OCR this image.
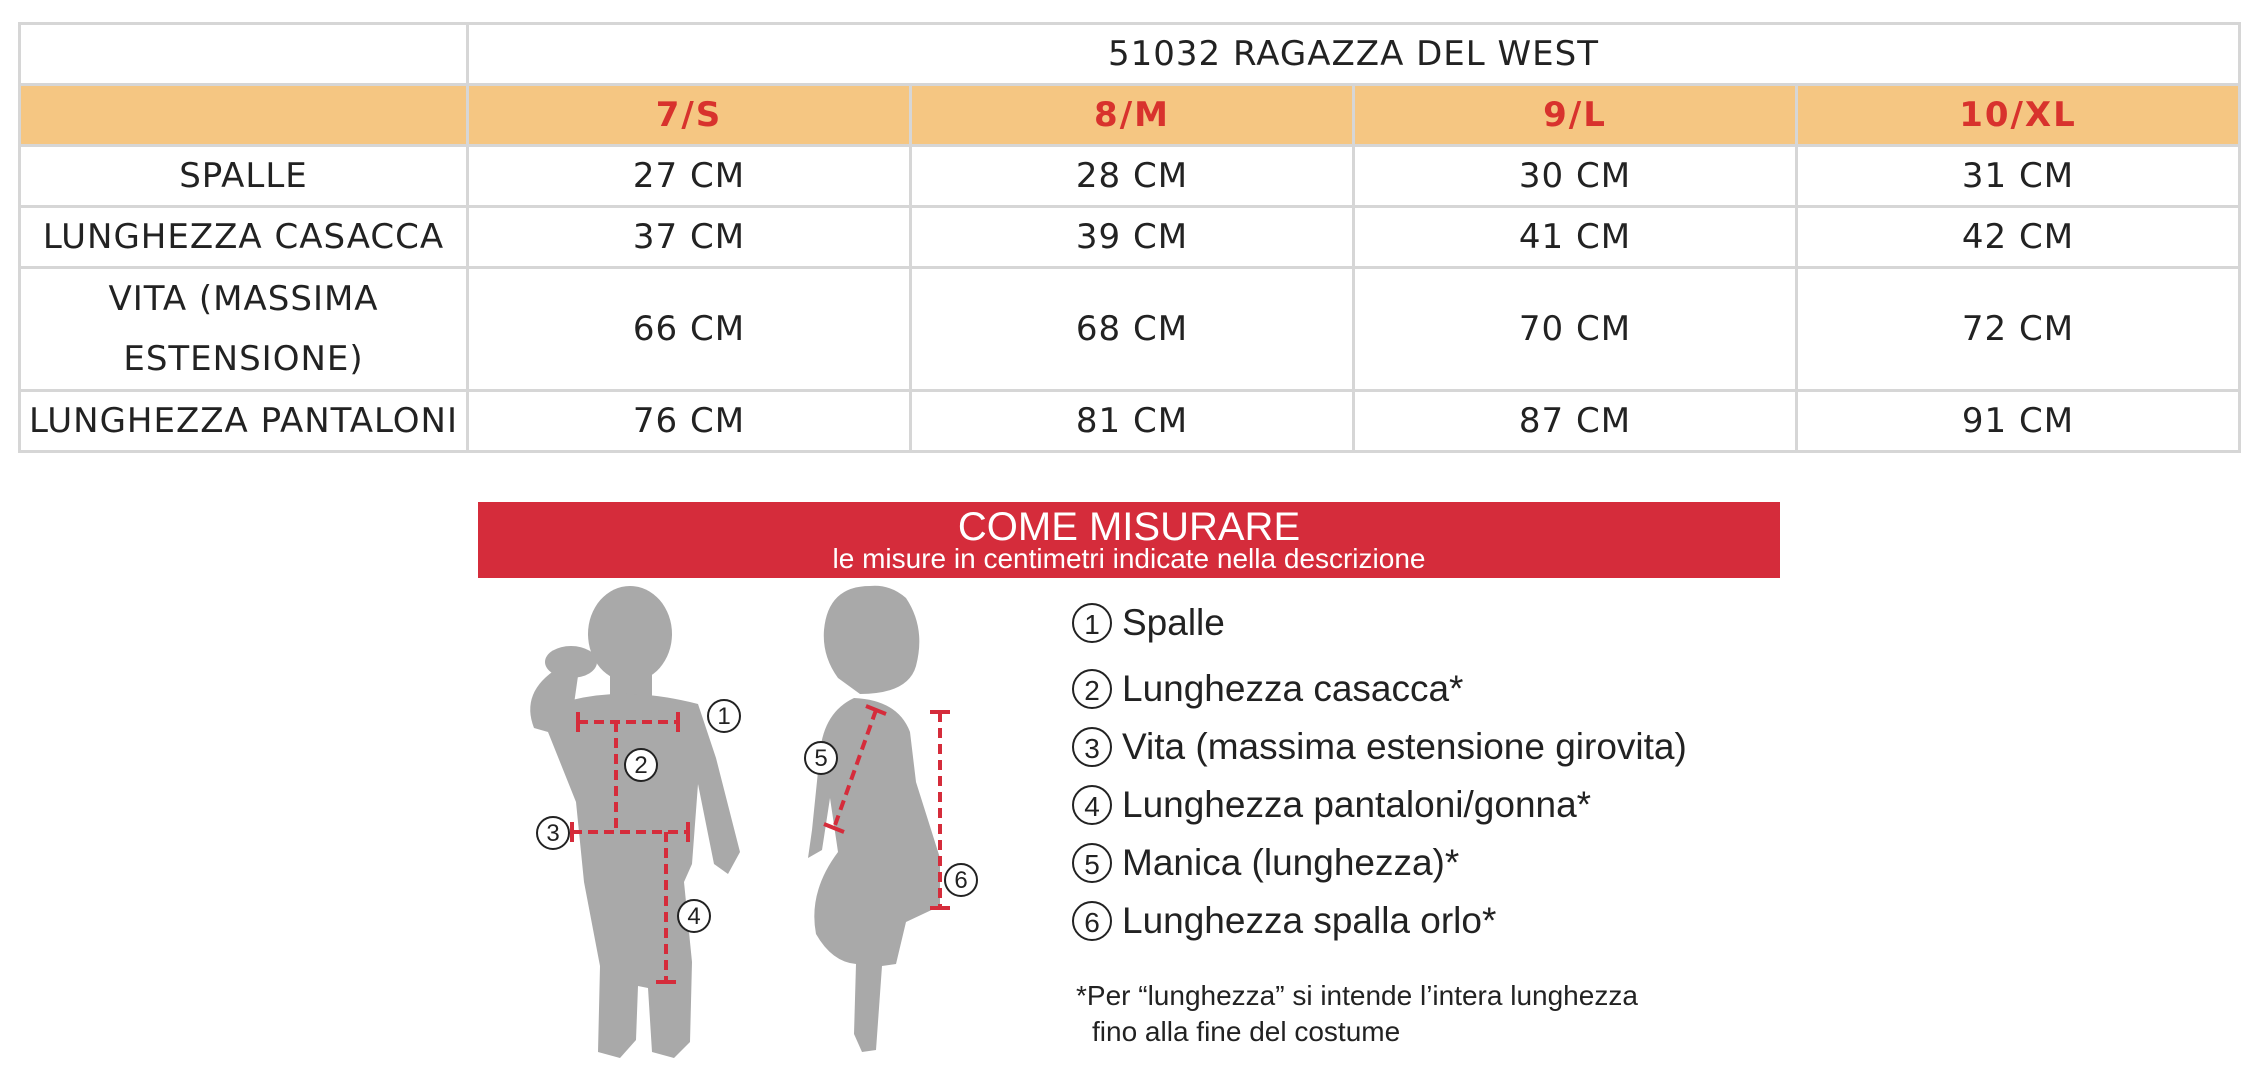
	51032 RAGAZZA DEL WEST			
	7/S	8/M	9/L	10/XL
SPALLE	27 CM	28 CM	30 CM	31 CM
LUNGHEZZA CASACCA	37 CM	39 CM	41 CM	42 CM
VITA (MASSIMA ESTENSIONE)	66 CM	68 CM	70 CM	72 CM
LUNGHEZZA PANTALONI	76 CM	81 CM	87 CM	91 CM
COME MISURARE
le misure in centimetri indicate nella descrizione
1
2
3
4
5
6
1 Spalle
2 Lunghezza casacca*
3 Vita (massima estensione girovita)
4 Lunghezza pantaloni/gonna*
5 Manica (lunghezza)*
6 Lunghezza spalla orlo*
*Per “lunghezza” si intende l’intera lunghezza
fino alla fine del costume
